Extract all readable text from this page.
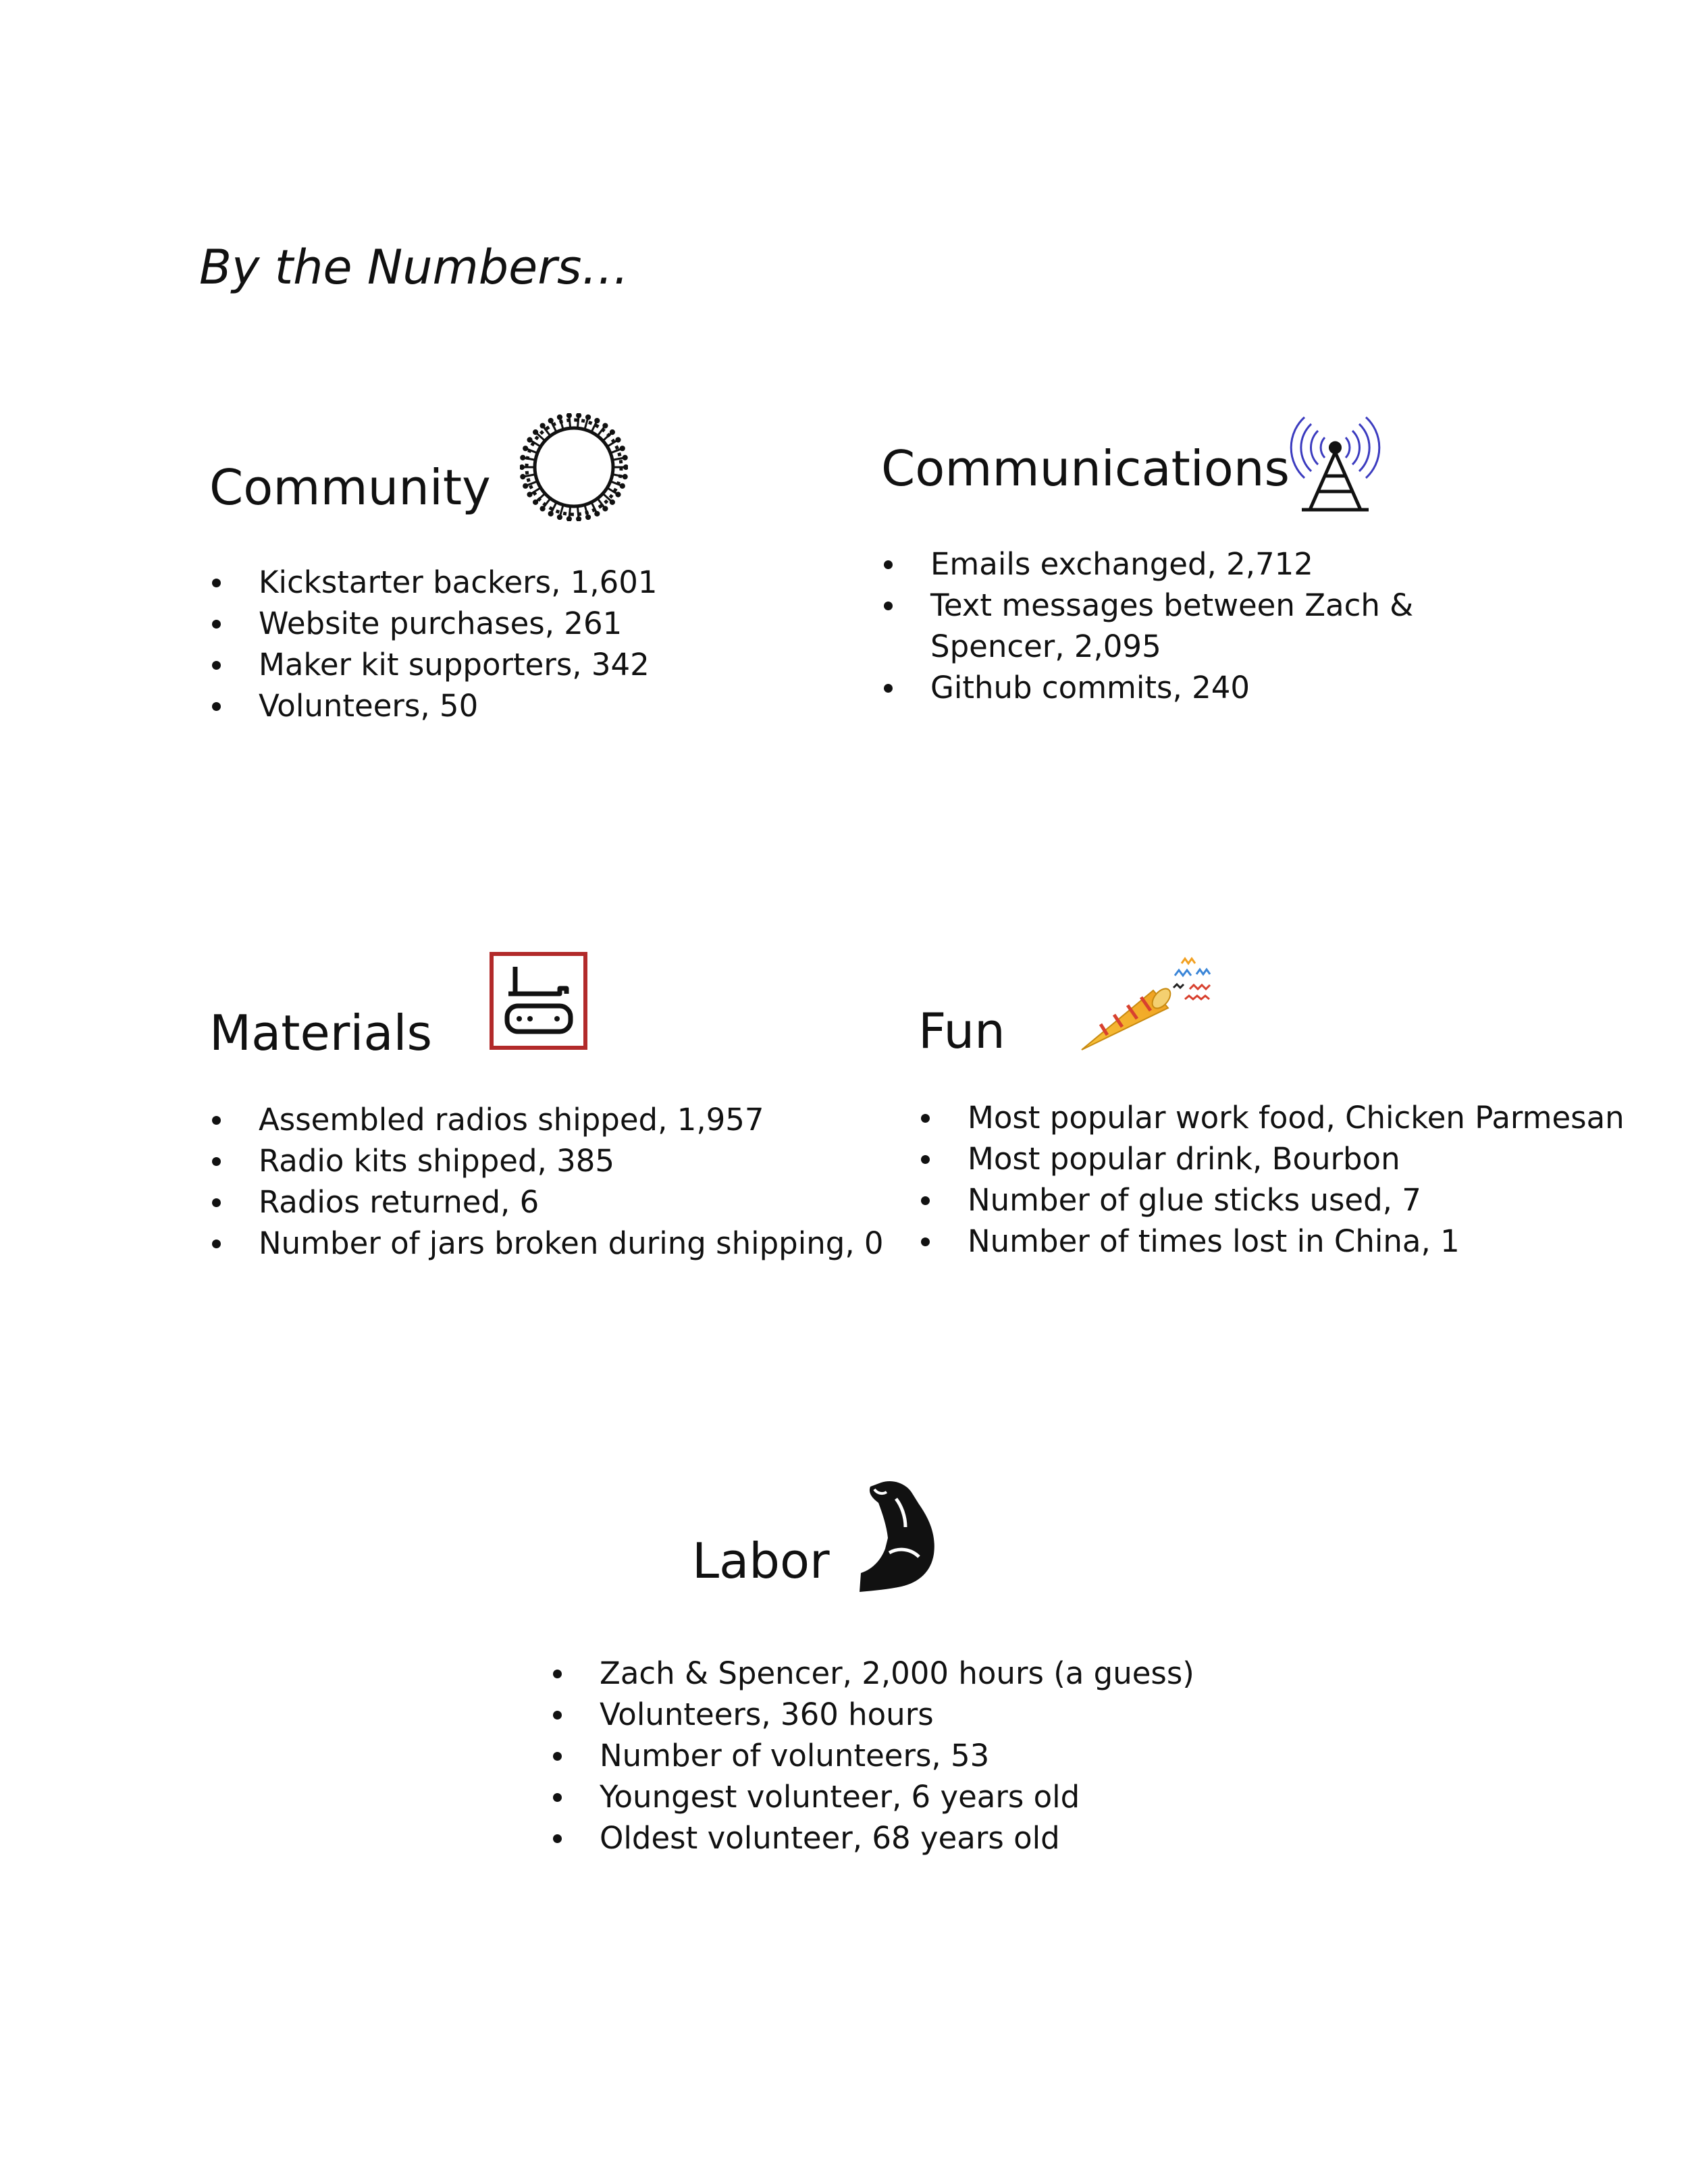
By the Numbers…
Community
Kickstarter backers, 1,601
Website purchases, 261
Maker kit supporters, 342
Volunteers, 50
Communications
Emails exchanged, 2,712
Text messages between Zach & Spencer, 2,095
Github commits, 240
Materials
Assembled radios shipped, 1,957
Radio kits shipped, 385
Radios returned, 6
Number of jars broken during shipping, 0
Fun
Most popular work food, Chicken Parmesan
Most popular drink, Bourbon
Number of glue sticks used, 7
Number of times lost in China, 1
Labor
Zach & Spencer, 2,000 hours (a guess)
Volunteers, 360 hours
Number of volunteers, 53
Youngest volunteer, 6 years old
Oldest volunteer, 68 years old
